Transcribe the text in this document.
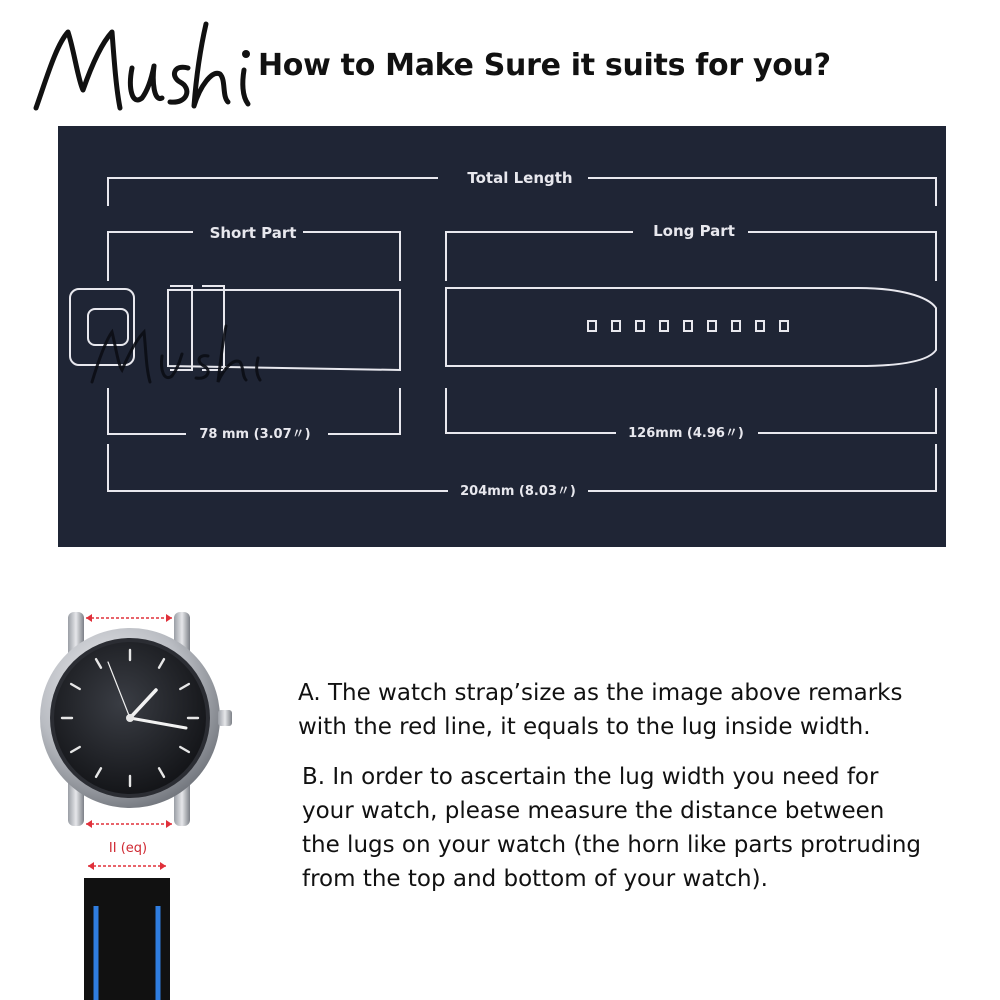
How to Make Sure it suits for you?
Total Length
Short Part	Long Part
78 mm (3.07〃)	126mm (4.96〃)
204mm (8.03〃)
II (eq)
A. The watch strap’size as the image above remarks
with the red line, it equals to the lug inside width.
B. In order to ascertain the lug width you need for
your watch, please measure the distance between
the lugs on your watch (the horn like parts protruding
from the top and bottom of your watch).
